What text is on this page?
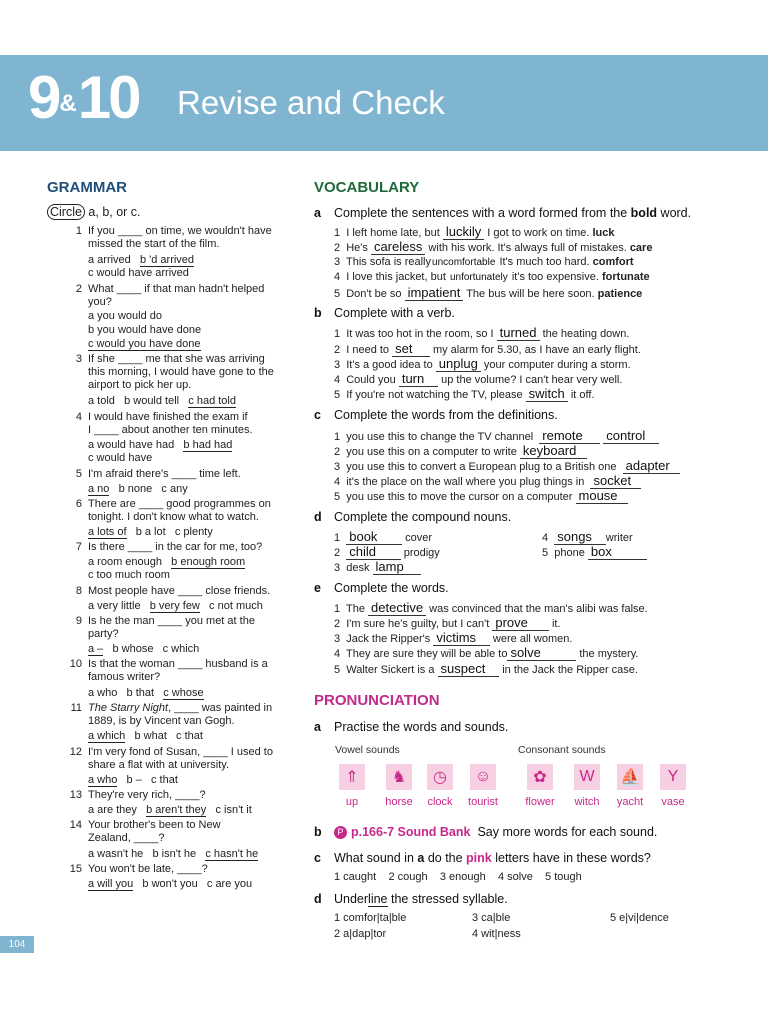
9&10 Revise and Check
GRAMMAR
Circle a, b, or c.
1 If you ____ on time, we wouldn't have
missed the start of the film.
a arrived   b 'd arrived
c would have arrived
2 What ____ if that man hadn't helped
you?
a you would do
b you would have done
c would you have done
3 If she ____ me that she was arriving
this morning, I would have gone to the
airport to pick her up.
a told   b would tell   c had told
4 I would have finished the exam if
I ____ about another ten minutes.
a would have had   b had had
c would have
5 I'm afraid there's ____ time left.
a no   b none   c any
6 There are ____ good programmes on
tonight. I don't know what to watch.
a lots of   b a lot   c plenty
7 Is there ____ in the car for me, too?
a room enough   b enough room
c too much room
8 Most people have ____ close friends.
a very little   b very few   c not much
9 Is he the man ____ you met at the
party?
a –   b whose   c which
10 Is that the woman ____ husband is a
famous writer?
a who   b that   c whose
11 The Starry Night, ____ was painted in
1889, is by Vincent van Gogh.
a which   b what   c that
12 I'm very fond of Susan, ____ I used to
share a flat with at university.
a who   b –   c that
13 They're very rich, ____?
a are they   b aren't they   c isn't it
14 Your brother's been to New
Zealand, ____?
a wasn't he   b isn't he   c hasn't he
15 You won't be late, ____?
a will you   b won't you   c are you
VOCABULARY
a Complete the sentences with a word formed from the bold word.
1  I left home late, but luckily I got to work on time. luck
2  He's careless with his work. It's always full of mistakes. care
3  This sofa is reallyuncomfortable It's much too hard. comfort
4  I love this jacket, but unfortunately it's too expensive. fortunate
5  Don't be so impatient The bus will be here soon. patience
b Complete with a verb.
1  It was too hot in the room, so I turned the heating down.
2  I need to set     my alarm for 5.30, as I have an early flight.
3  It's a good idea to unplug your computer during a storm.
4  Could you turn    up the volume? I can't hear very well.
5  If you're not watching the TV, please switch it off.
c Complete the words from the definitions.
1  you use this to change the TV channel  remote     control
2  you use this on a computer to write keyboard
3  you use this to convert a European plug to a British one  adapter
4  it's the place on the wall where you plug things in  socket
5  you use this to move the cursor on a computer mouse
d Complete the compound nouns.
1  book       cover
2  child       prodigy
3  desk lamp
4  songs   writer
5  phone box
e Complete the words.
1  The detective was convinced that the man's alibi was false.
2  I'm sure he's guilty, but I can't prove      it.
3  Jack the Ripper's victims    were all women.
4  They are sure they will be able to solve          the mystery.
5  Walter Sickert is a suspect    in the Jack the Ripper case.
PRONUNCIATION
a Practise the words and sounds.
Vowel sounds	Consonant sounds
⇑
up
♞
horse
◷
clock
☺
tourist
✿
flower
W
witch
⛵
yacht
Y
vase
b P p.166-7 Sound Bank Say more words for each sound.
c What sound in a do the pink letters have in these words?
1 caught 2 cough 3 enough 4 solve 5 tough
d Underline the stressed syllable.
1 comfor|ta|ble	3 ca|ble	5 e|vi|dence
2 a|dap|tor	4 wit|ness
104
